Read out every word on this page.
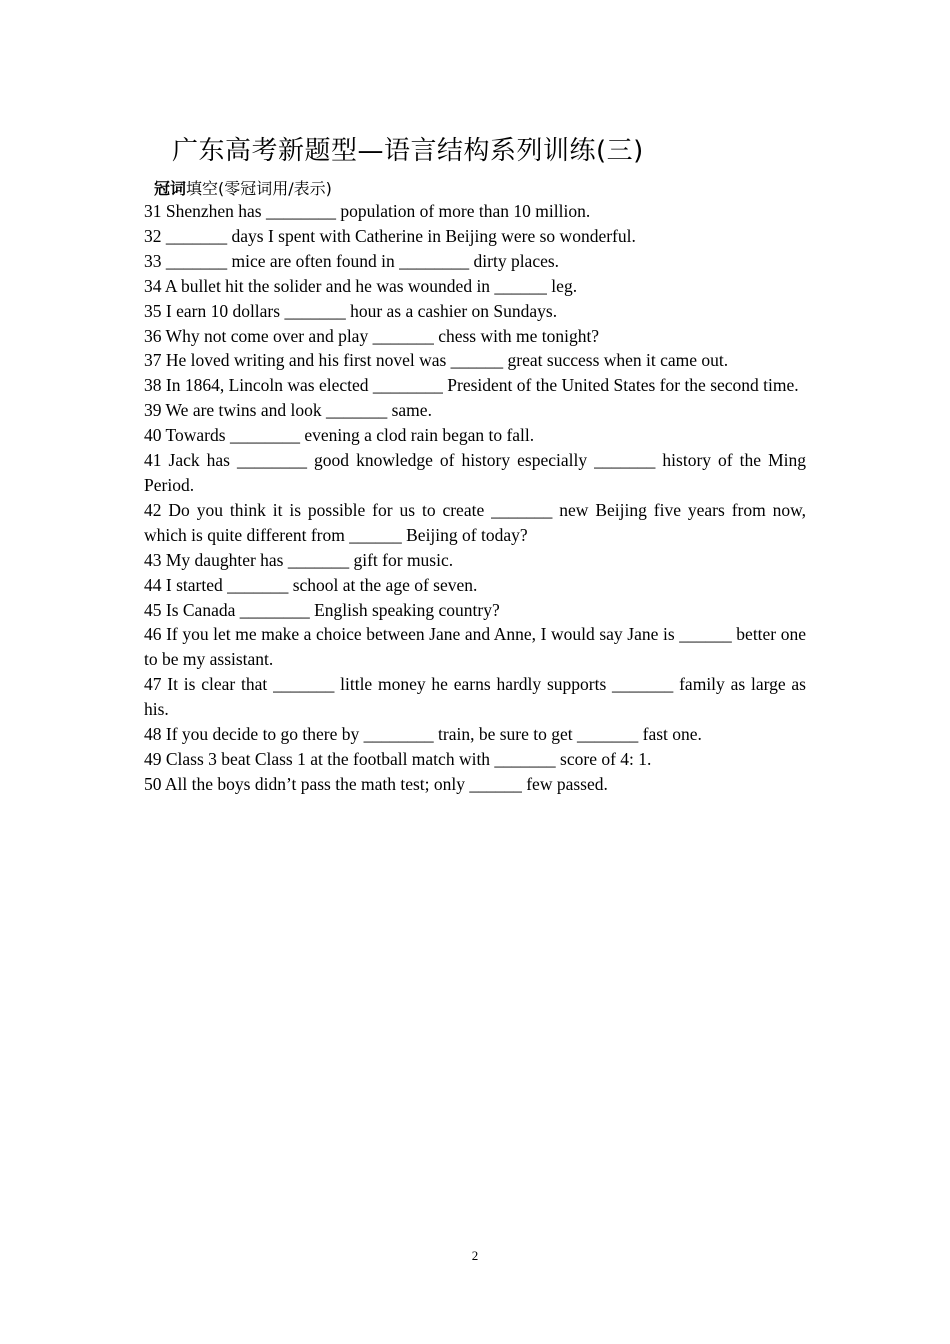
广东高考新题型—语言结构系列训练(三)
冠词填空(零冠词用/表示)
31 Shenzhen has ________ population of more than 10 million.
32 _______ days I spent with Catherine in Beijing were so wonderful.
33 _______ mice are often found in ________ dirty places.
34 A bullet hit the solider and he was wounded in ______ leg.
35 I earn 10 dollars _______ hour as a cashier on Sundays.
36 Why not come over and play _______ chess with me tonight?
37 He loved writing and his first novel was ______ great success when it came out.
38 In 1864, Lincoln was elected ________ President of the United States for the second time.
39 We are twins and look _______ same.
40 Towards ________ evening a clod rain began to fall.
41 Jack has ________ good knowledge of history especially _______ history of the Ming Period.
42 Do you think it is possible for us to create _______ new Beijing five years from now, which is quite different from ______ Beijing of today?
43 My daughter has _______ gift for music.
44 I started _______ school at the age of seven.
45 Is Canada ________ English speaking country?
46 If you let me make a choice between Jane and Anne, I would say Jane is ______ better one to be my assistant.
47 It is clear that _______ little money he earns hardly supports _______ family as large as his.
48 If you decide to go there by ________ train, be sure to get _______ fast one.
49 Class 3 beat Class 1 at the football match with _______ score of 4: 1.
50 All the boys didn’t pass the math test; only ______ few passed.
2
